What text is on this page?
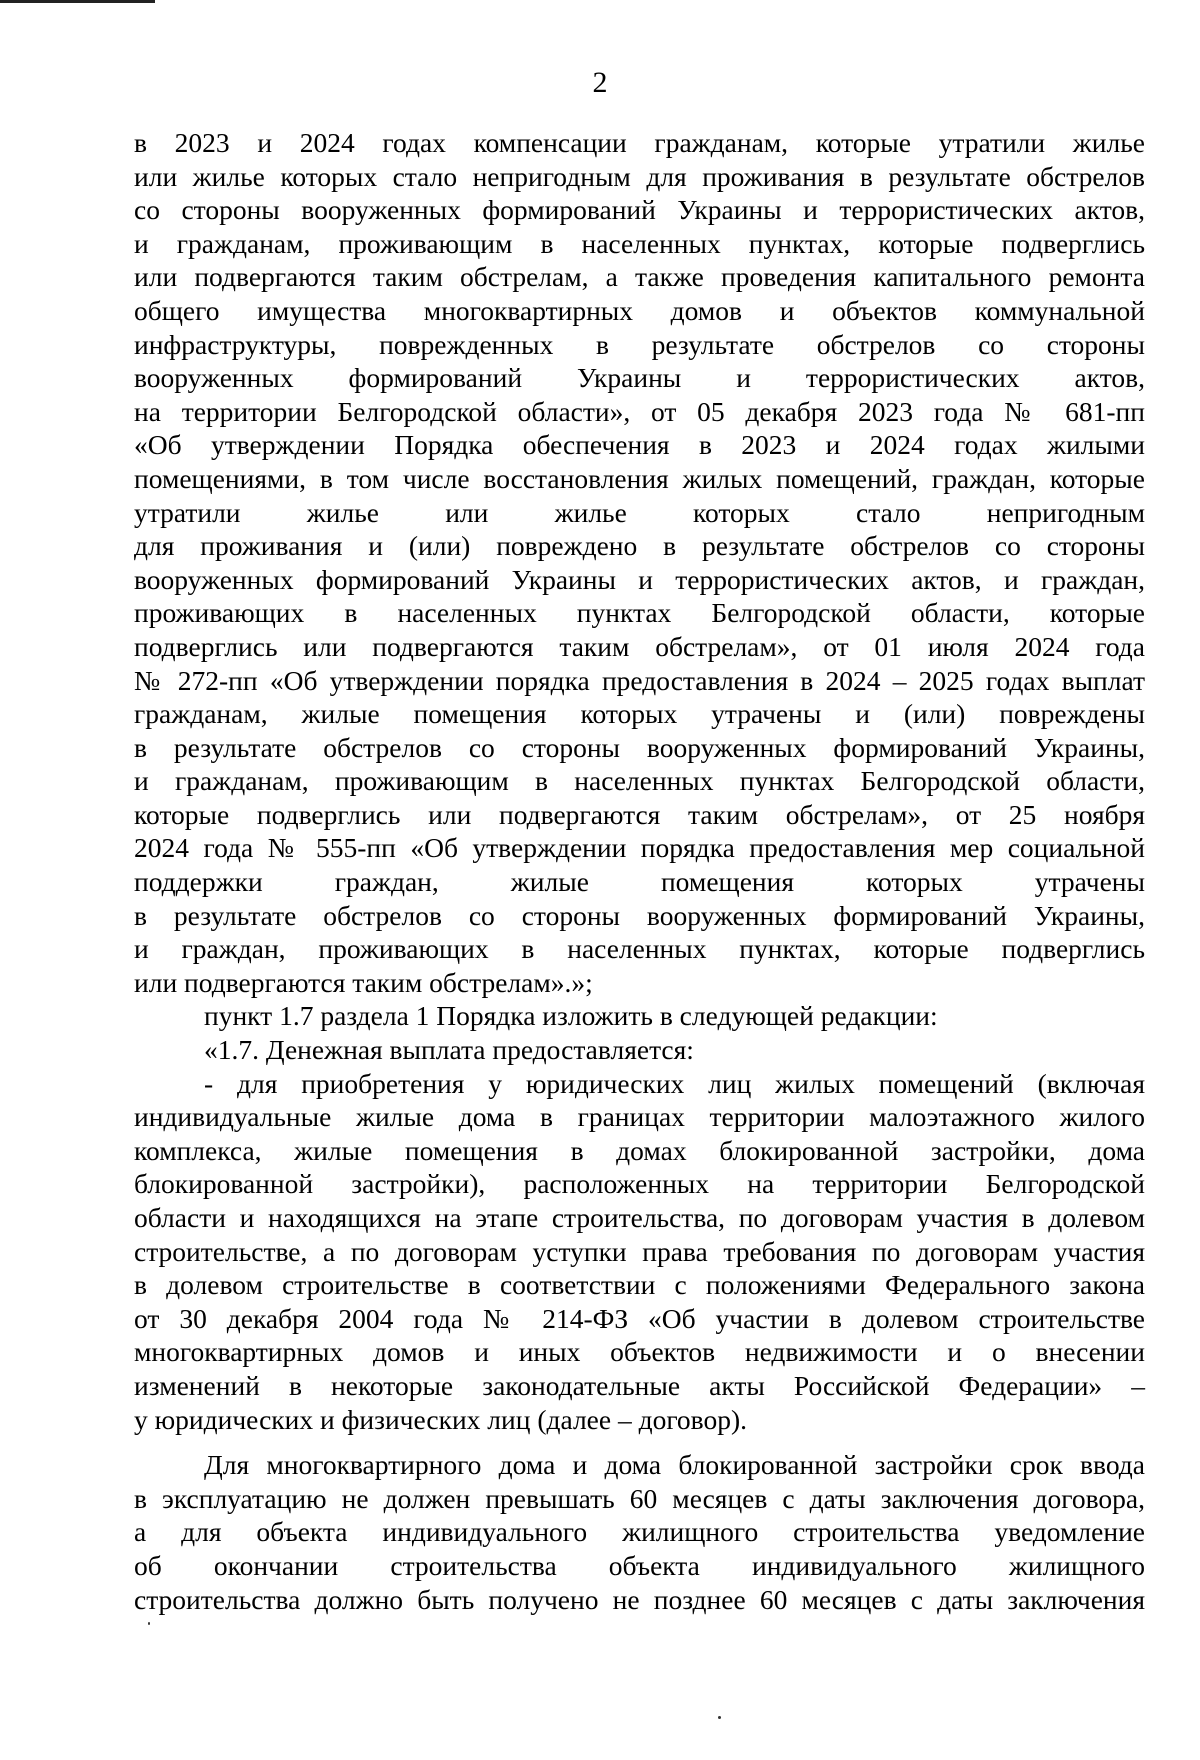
2
в 2023 и 2024 годах компенсации гражданам, которые утратили жилье
или жилье которых стало непригодным для проживания в результате обстрелов
со стороны вооруженных формирований Украины и террористических актов,
и гражданам, проживающим в населенных пунктах, которые подверглись
или подвергаются таким обстрелам, а также проведения капитального ремонта
общего имущества многоквартирных домов и объектов коммунальной
инфраструктуры, поврежденных в результате обстрелов со стороны
вооруженных формирований Украины и террористических актов,
на территории Белгородской области», от 05 декабря 2023 года № 681-пп
«Об утверждении Порядка обеспечения в 2023 и 2024 годах жилыми
помещениями, в том числе восстановления жилых помещений, граждан, которые
утратили жилье или жилье которых стало непригодным
для проживания и (или) повреждено в результате обстрелов со стороны
вооруженных формирований Украины и террористических актов, и граждан,
проживающих в населенных пунктах Белгородской области, которые
подверглись или подвергаются таким обстрелам», от 01 июля 2024 года
№ 272-пп «Об утверждении порядка предоставления в 2024 – 2025 годах выплат
гражданам, жилые помещения которых утрачены и (или) повреждены
в результате обстрелов со стороны вооруженных формирований Украины,
и гражданам, проживающим в населенных пунктах Белгородской области,
которые подверглись или подвергаются таким обстрелам», от 25 ноября
2024 года № 555-пп «Об утверждении порядка предоставления мер социальной
поддержки граждан, жилые помещения которых утрачены
в результате обстрелов со стороны вооруженных формирований Украины,
и граждан, проживающих в населенных пунктах, которые подверглись
или подвергаются таким обстрелам».»;
пункт 1.7 раздела 1 Порядка изложить в следующей редакции:
«1.7. Денежная выплата предоставляется:
- для приобретения у юридических лиц жилых помещений (включая
индивидуальные жилые дома в границах территории малоэтажного жилого
комплекса, жилые помещения в домах блокированной застройки, дома
блокированной застройки), расположенных на территории Белгородской
области и находящихся на этапе строительства, по договорам участия в долевом
строительстве, а по договорам уступки права требования по договорам участия
в долевом строительстве в соответствии с положениями Федерального закона
от 30 декабря 2004 года № 214-ФЗ «Об участии в долевом строительстве
многоквартирных домов и иных объектов недвижимости и о внесении
изменений в некоторые законодательные акты Российской Федерации» –
у юридических и физических лиц (далее – договор).
Для многоквартирного дома и дома блокированной застройки срок ввода
в эксплуатацию не должен превышать 60 месяцев с даты заключения договора,
а для объекта индивидуального жилищного строительства уведомление
об окончании строительства объекта индивидуального жилищного
строительства должно быть получено не позднее 60 месяцев с даты заключения
